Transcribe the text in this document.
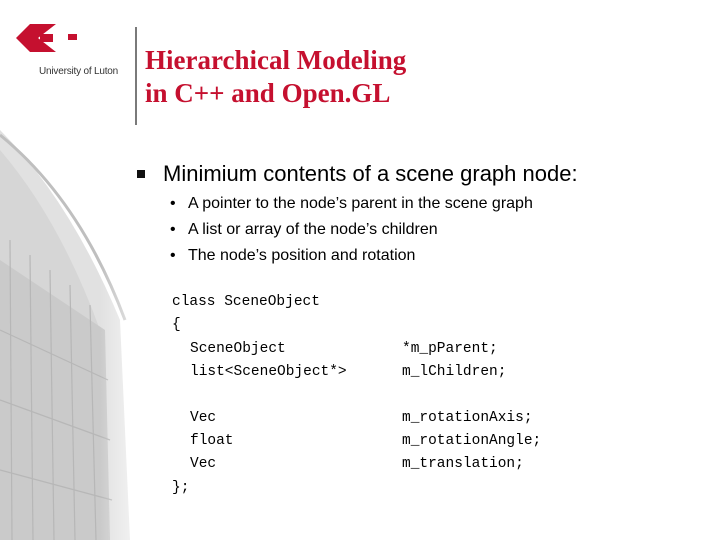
University of Luton Hierarchical Modeling
in C++ and Open.GL
Minimium contents of a scene graph node:
• A pointer to the node’s parent in the scene graph
• A list or array of the node’s children
• The node’s position and rotation
class SceneObject
{
SceneObject	*m_pParent;
list<SceneObject*>	m_lChildren;
Vec	m_rotationAxis;
float	m_rotationAngle;
Vec	m_translation;
};
